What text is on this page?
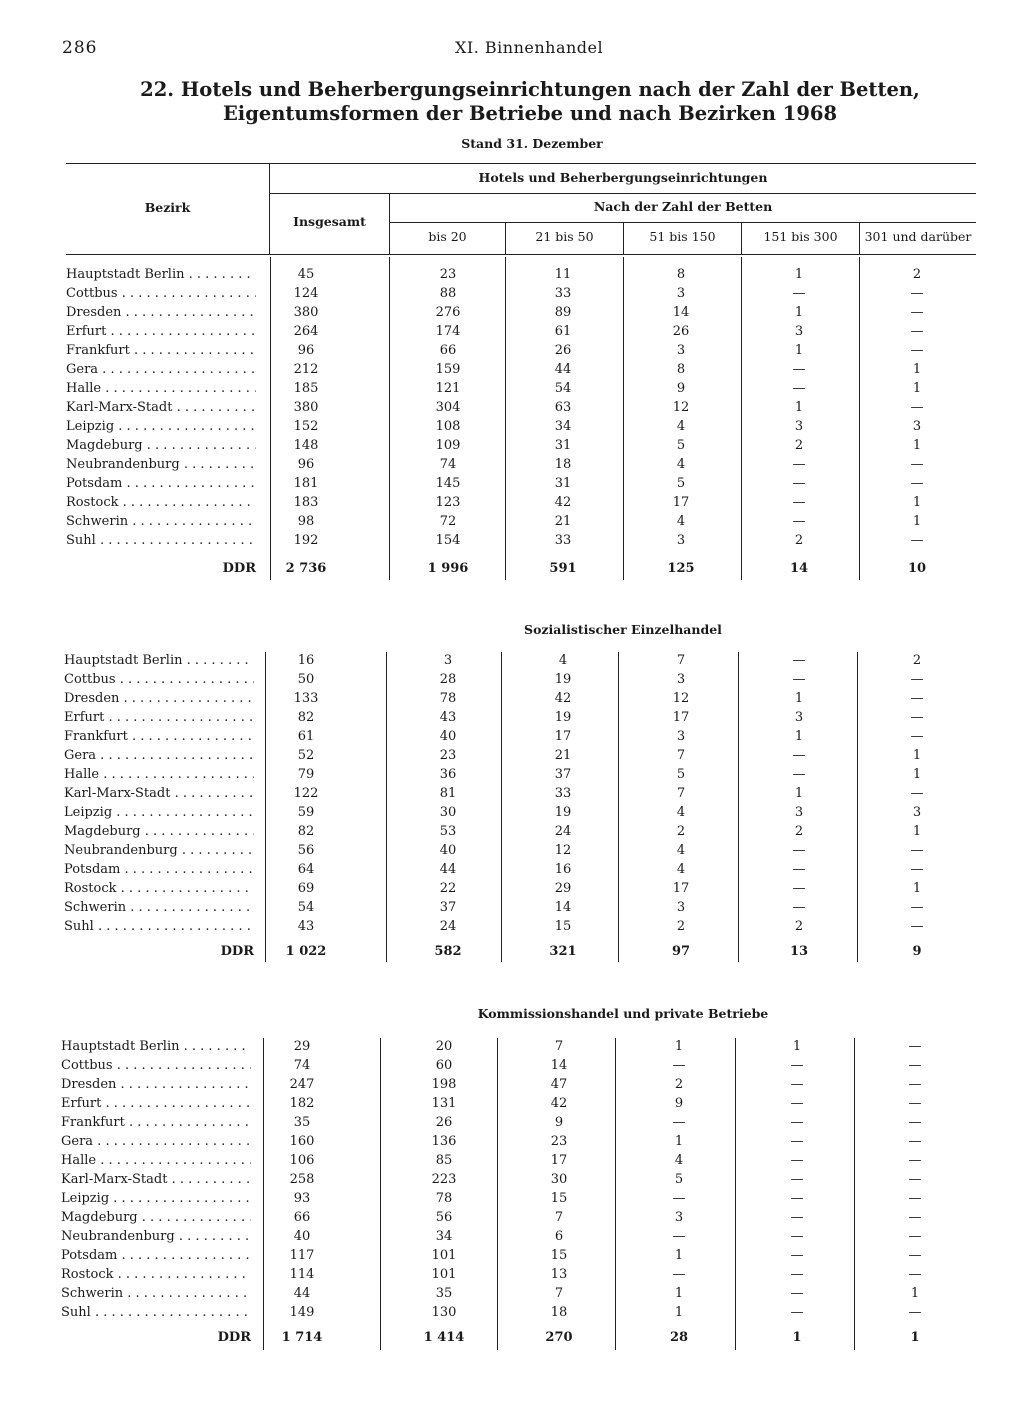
286	XI. Binnenhandel
22. Hotels und Beherbergungseinrichtungen nach der Zahl der Betten,
Eigentumsformen der Betriebe und nach Bezirken 1968
Stand 31. Dezember
Bezirk
Hotels und Beherbergungseinrichtungen
Insgesamt
Nach der Zahl der Betten
bis 20	21 bis 50	51 bis 150	151 bis 300	301 und darüber
Hauptstadt Berlin . . .	45	23	11	8	1	2
Cottbus . . .	124	88	33	3	—	—
Dresden . . .	380	276	89	14	1	—
Erfurt . . .	264	174	61	26	3	—
Frankfurt . . .	96	66	26	3	1	—
Gera . . .	212	159	44	8	—	1
Halle . . .	185	121	54	9	—	1
Karl-Marx-Stadt . . .	380	304	63	12	1	—
Leipzig . . .	152	108	34	4	3	3
Magdeburg . . .	148	109	31	5	2	1
Neubrandenburg . . .	96	74	18	4	—	—
Potsdam . . .	181	145	31	5	—	—
Rostock . . .	183	123	42	17	—	1
Schwerin . . .	98	72	21	4	—	1
Suhl . . .	192	154	33	3	2	—
DDR	2 736	1 996	591	125	14	10
Sozialistischer Einzelhandel
Hauptstadt Berlin . . .	16	3	4	7	—	2
Cottbus . . .	50	28	19	3	—	—
Dresden . . .	133	78	42	12	1	—
Erfurt . . .	82	43	19	17	3	—
Frankfurt . . .	61	40	17	3	1	—
Gera . . .	52	23	21	7	—	1
Halle . . .	79	36	37	5	—	1
Karl-Marx-Stadt . . .	122	81	33	7	1	—
Leipzig . . .	59	30	19	4	3	3
Magdeburg . . .	82	53	24	2	2	1
Neubrandenburg . . .	56	40	12	4	—	—
Potsdam . . .	64	44	16	4	—	—
Rostock . . .	69	22	29	17	—	1
Schwerin . . .	54	37	14	3	—	—
Suhl . . .	43	24	15	2	2	—
DDR	1 022	582	321	97	13	9
Kommissionshandel und private Betriebe
Hauptstadt Berlin . . .	29	20	7	1	1	—
Cottbus . . .	74	60	14	—	—	—
Dresden . . .	247	198	47	2	—	—
Erfurt . . .	182	131	42	9	—	—
Frankfurt . . .	35	26	9	—	—	—
Gera . . .	160	136	23	1	—	—
Halle . . .	106	85	17	4	—	—
Karl-Marx-Stadt . . .	258	223	30	5	—	—
Leipzig . . .	93	78	15	—	—	—
Magdeburg . . .	66	56	7	3	—	—
Neubrandenburg . . .	40	34	6	—	—	—
Potsdam . . .	117	101	15	1	—	—
Rostock . . .	114	101	13	—	—	—
Schwerin . . .	44	35	7	1	—	1
Suhl . . .	149	130	18	1	—	—
DDR	1 714	1 414	270	28	1	1
